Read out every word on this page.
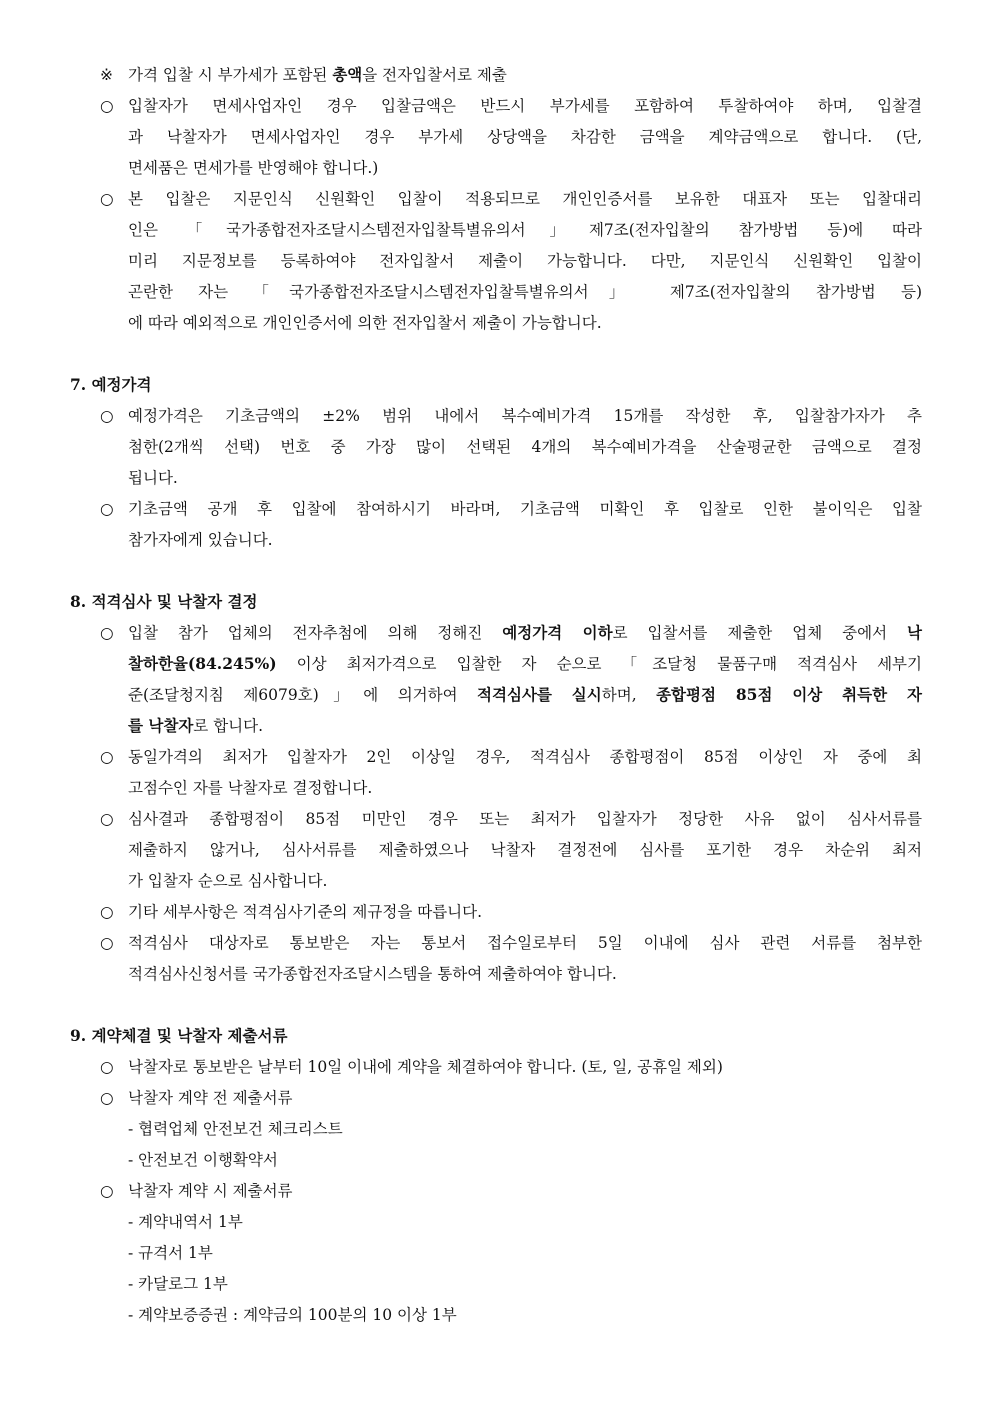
※ 가격 입찰 시 부가세가 포함된 총액을 전자입찰서로 제출
○ 입찰자가 면세사업자인 경우 입찰금액은 반드시 부가세를 포함하여 투찰하여야 하며, 입찰결
과 낙찰자가 면세사업자인 경우 부가세 상당액을 차감한 금액을 계약금액으로 합니다. (단,
면세품은 면세가를 반영해야 합니다.)
○ 본 입찰은 지문인식 신원확인 입찰이 적용되므로 개인인증서를 보유한 대표자 또는 입찰대리
인은 「국가종합전자조달시스템전자입찰특별유의서」제7조(전자입찰의 참가방법 등)에 따라
미리 지문정보를 등록하여야 전자입찰서 제출이 가능합니다. 다만, 지문인식 신원확인 입찰이
곤란한 자는 「국가종합전자조달시스템전자입찰특별유의서」 제7조(전자입찰의 참가방법 등)
에 따라 예외적으로 개인인증서에 의한 전자입찰서 제출이 가능합니다.
7. 예정가격
○ 예정가격은 기초금액의 ±2% 범위 내에서 복수예비가격 15개를 작성한 후, 입찰참가자가 추
첨한(2개씩 선택) 번호 중 가장 많이 선택된 4개의 복수예비가격을 산술평균한 금액으로 결정
됩니다.
○ 기초금액 공개 후 입찰에 참여하시기 바라며, 기초금액 미확인 후 입찰로 인한 불이익은 입찰
참가자에게 있습니다.
8. 적격심사 및 낙찰자 결정
○ 입찰 참가 업체의 전자추첨에 의해 정해진 예정가격 이하로 입찰서를 제출한 업체 중에서 낙
찰하한율(84.245%) 이상 최저가격으로 입찰한 자 순으로 「조달청 물품구매 적격심사 세부기
준(조달청지침 제6079호)」에 의거하여 적격심사를 실시하며, 종합평점 85점 이상 취득한 자
를 낙찰자로 합니다.
○ 동일가격의 최저가 입찰자가 2인 이상일 경우, 적격심사 종합평점이 85점 이상인 자 중에 최
고점수인 자를 낙찰자로 결정합니다.
○ 심사결과 종합평점이 85점 미만인 경우 또는 최저가 입찰자가 정당한 사유 없이 심사서류를
제출하지 않거나, 심사서류를 제출하였으나 낙찰자 결정전에 심사를 포기한 경우 차순위 최저
가 입찰자 순으로 심사합니다.
○ 기타 세부사항은 적격심사기준의 제규정을 따릅니다.
○ 적격심사 대상자로 통보받은 자는 통보서 접수일로부터 5일 이내에 심사 관련 서류를 첨부한
적격심사신청서를 국가종합전자조달시스템을 통하여 제출하여야 합니다.
9. 계약체결 및 낙찰자 제출서류
○ 낙찰자로 통보받은 날부터 10일 이내에 계약을 체결하여야 합니다. (토, 일, 공휴일 제외)
○ 낙찰자 계약 전 제출서류
- 협력업체 안전보건 체크리스트
- 안전보건 이행확약서
○ 낙찰자 계약 시 제출서류
- 계약내역서 1부
- 규격서 1부
- 카달로그 1부
- 계약보증증권 : 계약금의 100분의 10 이상 1부
